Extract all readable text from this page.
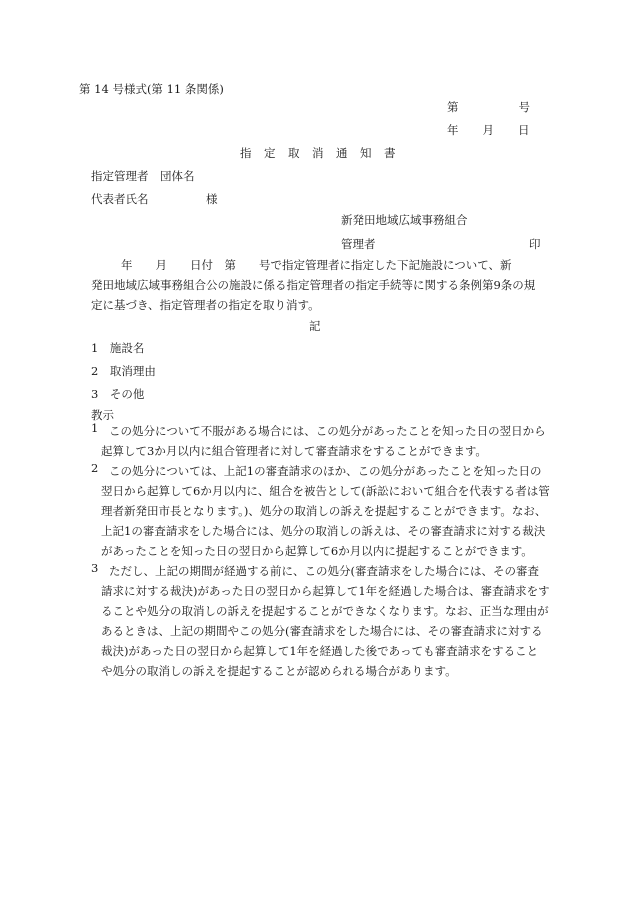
第 14 号様式(第 11 条関係)
第	号
年 月 日
指定取消通知書
指定管理者　団体名
代表者氏名　　　　　様
新発田地域広域事務組合
管理者	印
年　　月　　日付　第　　号で指定管理者に指定した下記施設について、新
発田地域広域事務組合公の施設に係る指定管理者の指定手続等に関する条例第9条の規
定に基づき、指定管理者の指定を取り消す。
記
1　 施設名
2　 取消理由
3　 その他
教示
1 この処分について不服がある場合には、この処分があったことを知った日の翌日から
起算して3か月以内に組合管理者に対して審査請求をすることができます。
2 この処分については、上記1の審査請求のほか、この処分があったことを知った日の
翌日から起算して6か月以内に、組合を被告として(訴訟において組合を代表する者は管
理者新発田市長となります。)、処分の取消しの訴えを提起することができます。なお、
上記1の審査請求をした場合には、処分の取消しの訴えは、その審査請求に対する裁決
があったことを知った日の翌日から起算して6か月以内に提起することができます。
3 ただし、上記の期間が経過する前に、この処分(審査請求をした場合には、その審査
請求に対する裁決)があった日の翌日から起算して1年を経過した場合は、審査請求をす
ることや処分の取消しの訴えを提起することができなくなります。なお、正当な理由が
あるときは、上記の期間やこの処分(審査請求をした場合には、その審査請求に対する
裁決)があった日の翌日から起算して1年を経過した後であっても審査請求をすること
や処分の取消しの訴えを提起することが認められる場合があります。
